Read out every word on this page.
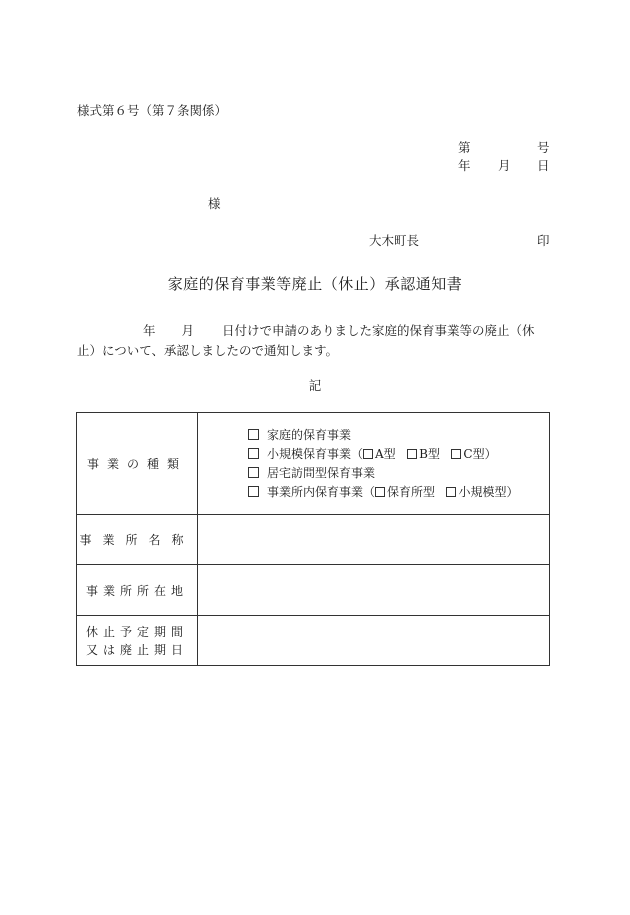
様式第６号（第７条関係）
第	号
年 月 日
様
大木町長	印
家庭的保育事業等廃止（休止）承認通知書
年 月 日付けで申請のありました家庭的保育事業等の廃止（休
止）について、承認しましたので通知します。
記
事業の種類	家庭的保育事業
小規模保育事業（ A型 B型 C型）
居宅訪問型保育事業
事業所内保育事業（ 保育所型 小規模型）

事業所名称	
事業所所在地	

休止予定期間
又は廃止期日	
